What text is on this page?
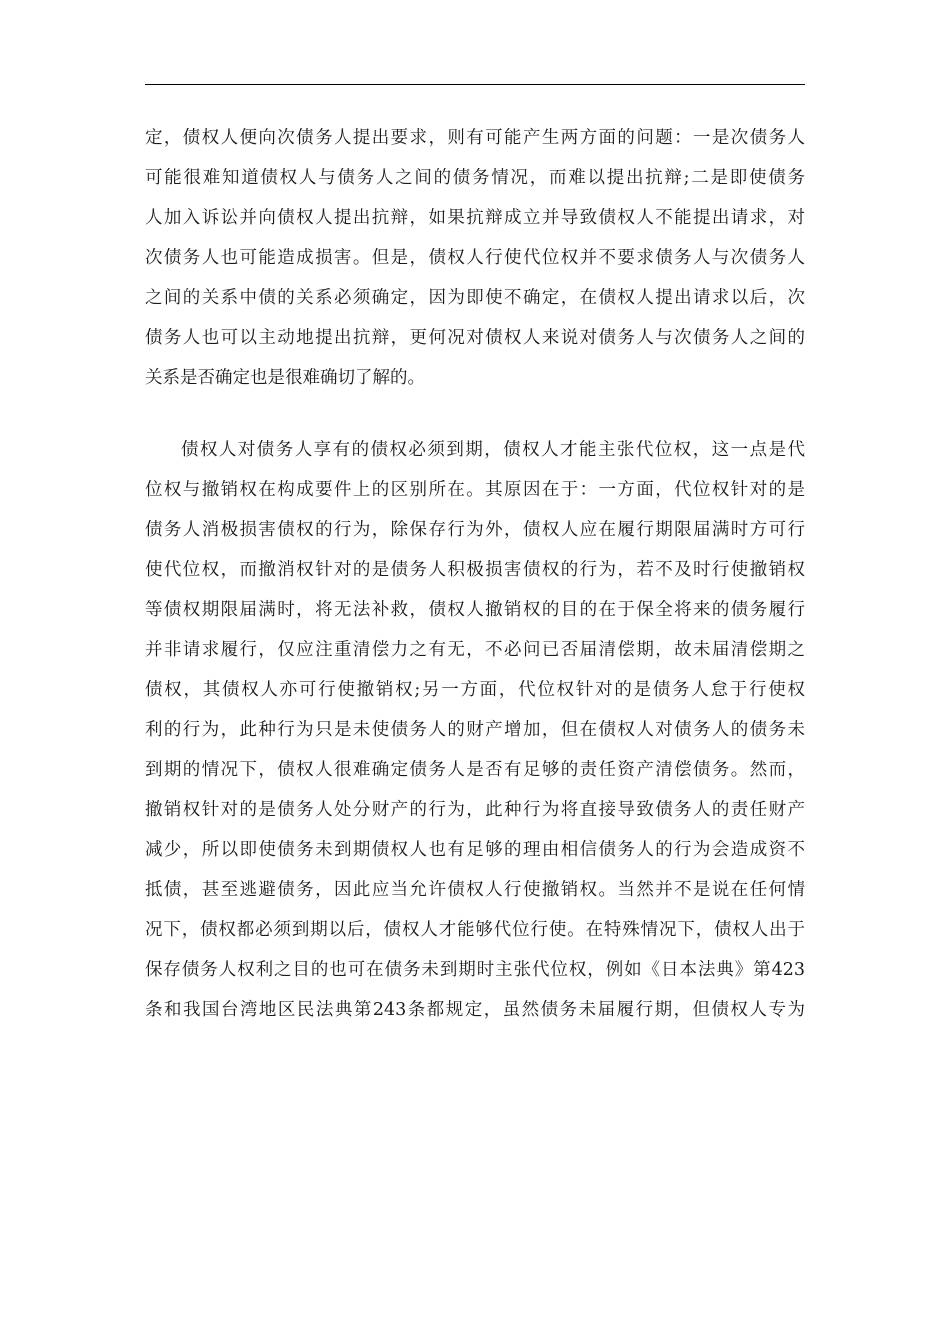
定，债权人便向次债务人提出要求，则有可能产生两方面的问题：一是次债务人
可能很难知道债权人与债务人之间的债务情况，而难以提出抗辩;二是即使债务
人加入诉讼并向债权人提出抗辩，如果抗辩成立并导致债权人不能提出请求，对
次债务人也可能造成损害。但是，债权人行使代位权并不要求债务人与次债务人
之间的关系中债的关系必须确定，因为即使不确定，在债权人提出请求以后，次
债务人也可以主动地提出抗辩，更何况对债权人来说对债务人与次债务人之间的
关系是否确定也是很难确切了解的。
债权人对债务人享有的债权必须到期，债权人才能主张代位权，这一点是代
位权与撤销权在构成要件上的区别所在。其原因在于：一方面，代位权针对的是
债务人消极损害债权的行为，除保存行为外，债权人应在履行期限届满时方可行
使代位权，而撤消权针对的是债务人积极损害债权的行为，若不及时行使撤销权
等债权期限届满时，将无法补救，债权人撤销权的目的在于保全将来的债务履行
并非请求履行，仅应注重清偿力之有无，不必问已否届清偿期，故未届清偿期之
债权，其债权人亦可行使撤销权;另一方面，代位权针对的是债务人怠于行使权
利的行为，此种行为只是未使债务人的财产增加，但在债权人对债务人的债务未
到期的情况下，债权人很难确定债务人是否有足够的责任资产清偿债务。然而，
撤销权针对的是债务人处分财产的行为，此种行为将直接导致债务人的责任财产
减少，所以即使债务未到期债权人也有足够的理由相信债务人的行为会造成资不
抵债，甚至逃避债务，因此应当允许债权人行使撤销权。当然并不是说在任何情
况下，债权都必须到期以后，债权人才能够代位行使。在特殊情况下，债权人出于
保存债务人权利之目的也可在债务未到期时主张代位权，例如《日本法典》第423
条和我国台湾地区民法典第243条都规定，虽然债务未届履行期，但债权人专为
